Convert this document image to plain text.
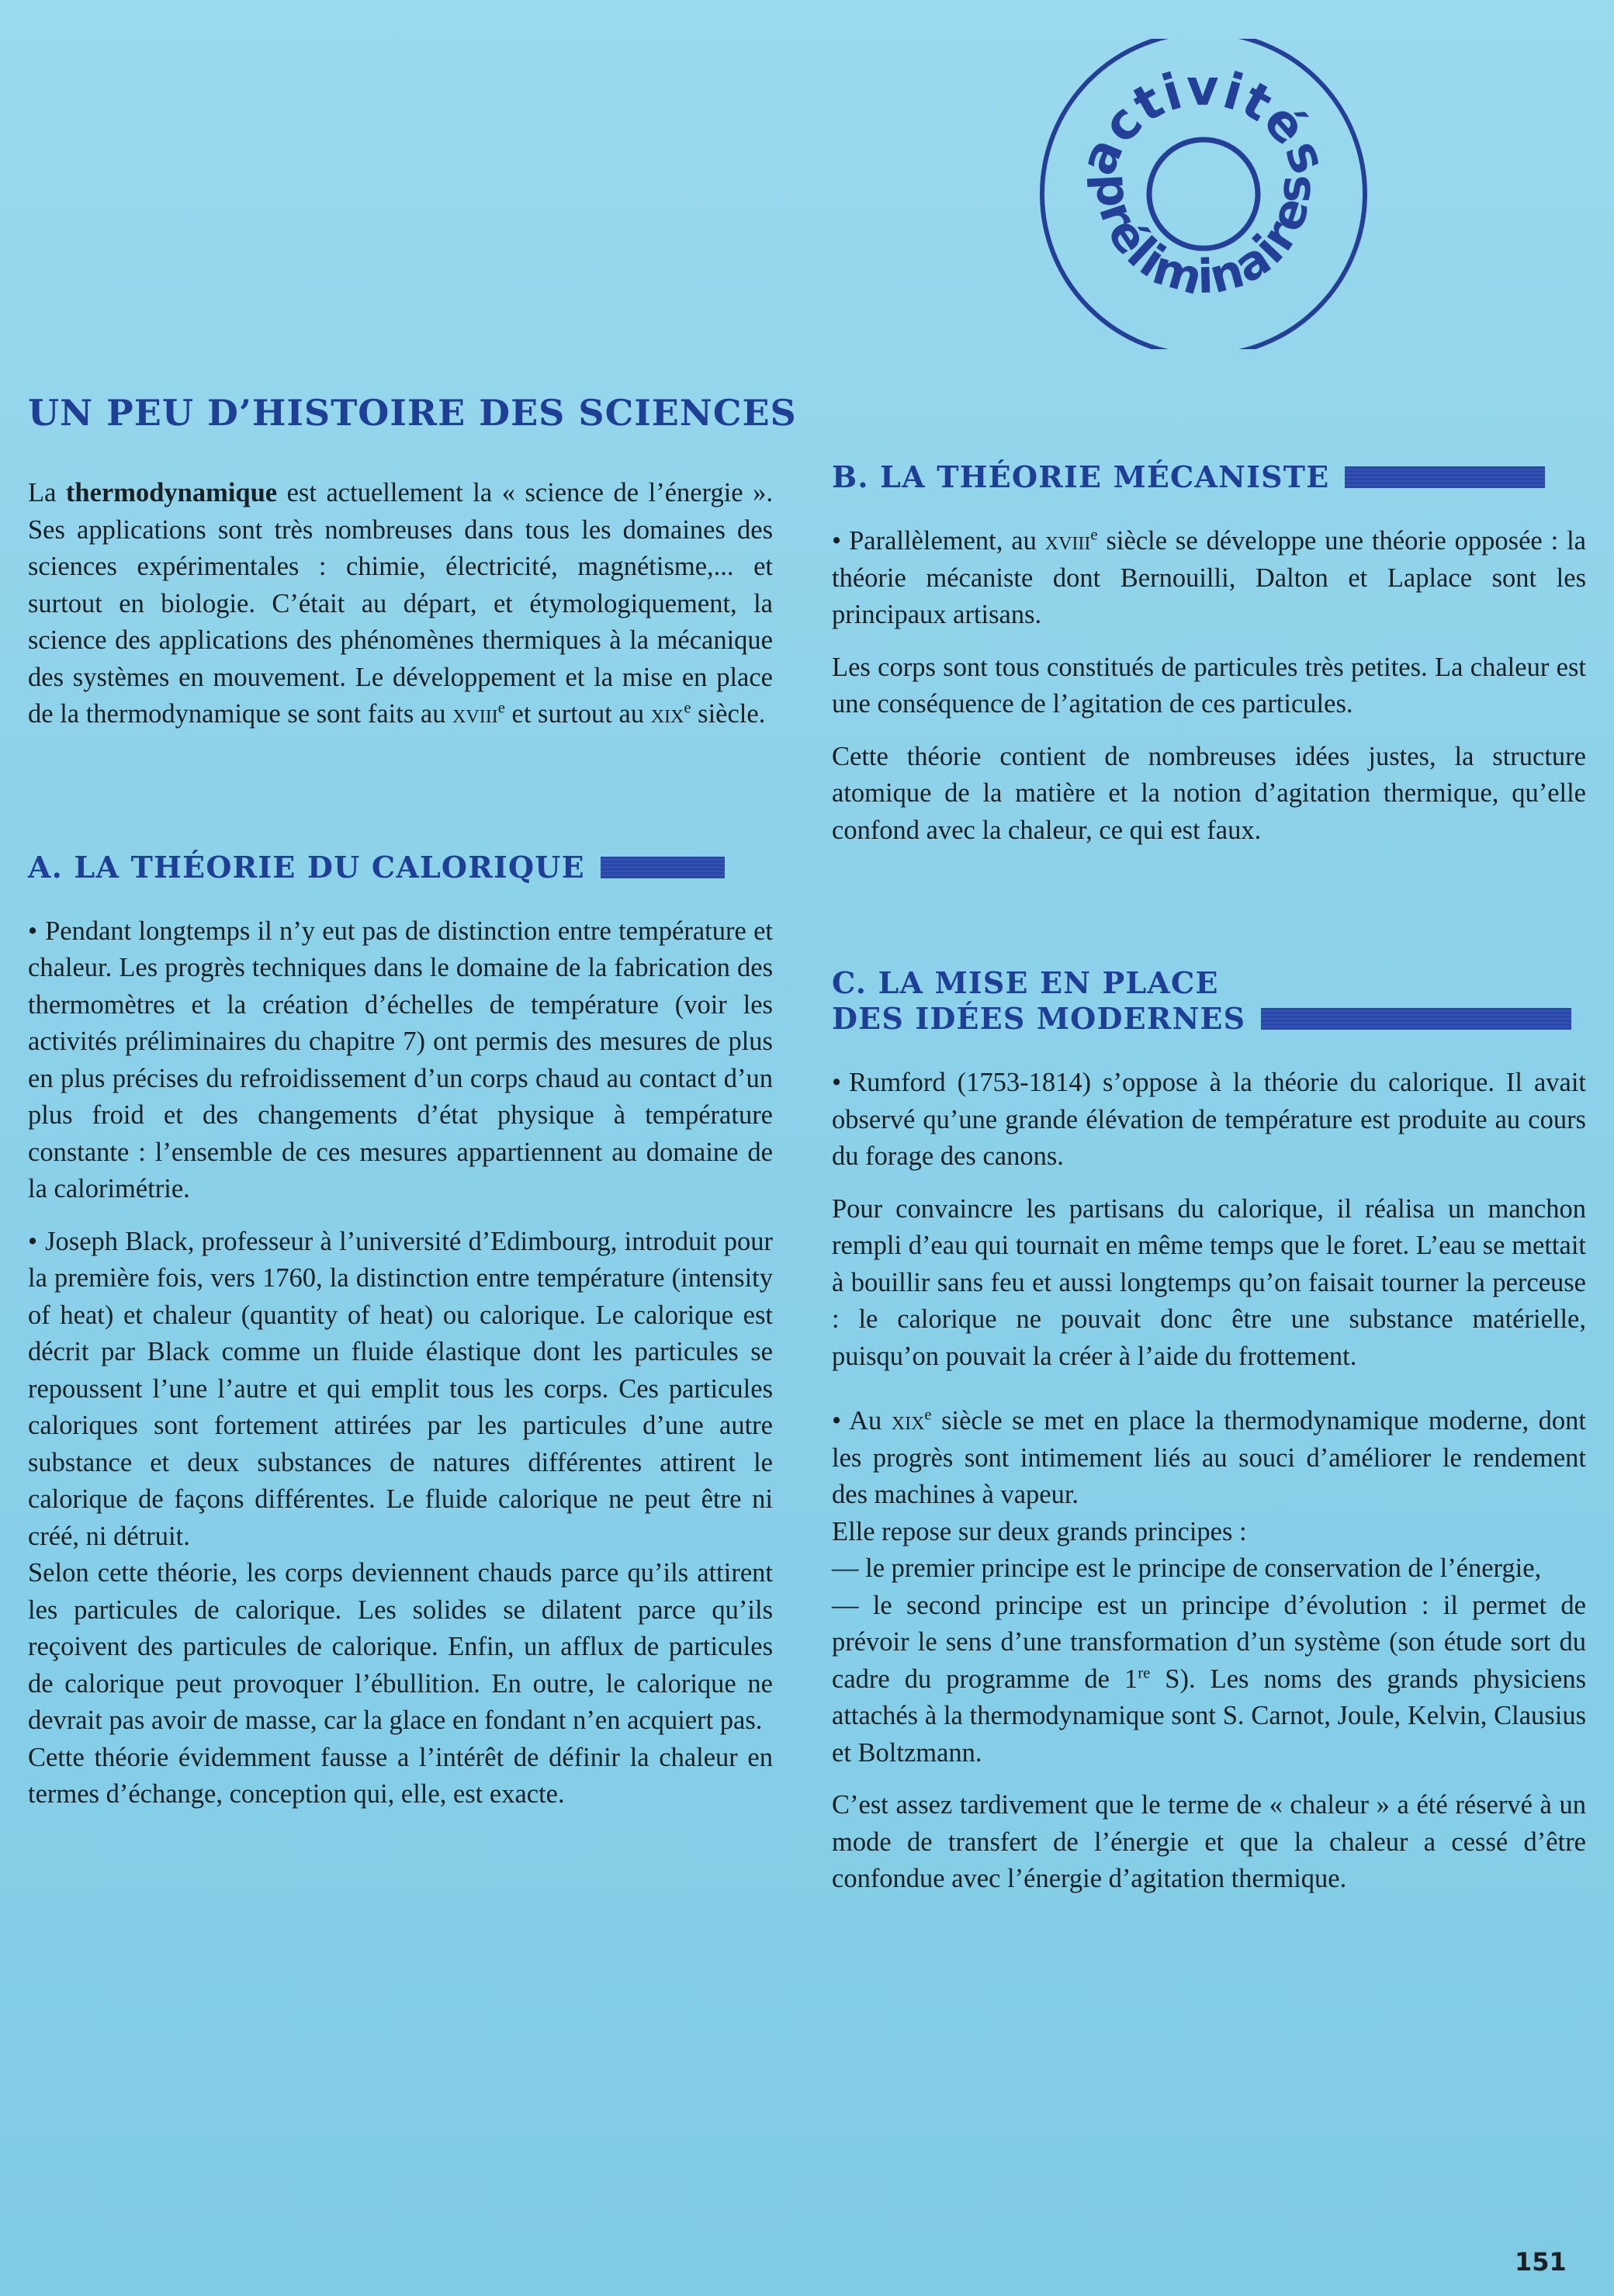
activités
préliminaires
UN PEU D’HISTOIRE DES SCIENCES

La thermodynamique est actuellement la « science de l’énergie ». Ses applications sont très nombreuses dans tous les domaines des sciences expérimentales : chimie, électricité, magnétisme,... et surtout en biologie. C’était au départ, et étymologiquement, la science des applications des phénomènes thermiques à la mécanique des systèmes en mouvement. Le développement et la mise en place de la thermodynamique se sont faits au xviii$^e$ et surtout au xix$^e$ siècle.

A. LA THÉORIE DU CALORIQUE

• Pendant longtemps il n’y eut pas de distinction entre température et chaleur. Les progrès techniques dans le domaine de la fabrication des thermomètres et la création d’échelles de température (voir les activités préliminaires du chapitre 7) ont permis des mesures de plus en plus précises du refroidissement d’un corps chaud au contact d’un plus froid et des changements d’état physique à température constante : l’ensemble de ces mesures appartiennent au domaine de la calorimétrie.

• Joseph Black, professeur à l’université d’Edimbourg, introduit pour la première fois, vers 1760, la distinction entre température (intensity of heat) et chaleur (quantity of heat) ou calorique. Le calorique est décrit par Black comme un fluide élastique dont les particules se repoussent l’une l’autre et qui emplit tous les corps. Ces particules caloriques sont fortement attirées par les particules d’une autre substance et deux substances de natures différentes attirent le calorique de façons différentes. Le fluide calorique ne peut être ni créé, ni détruit.

Selon cette théorie, les corps deviennent chauds parce qu’ils attirent les particules de calorique. Les solides se dilatent parce qu’ils reçoivent des particules de calorique. Enfin, un afflux de particules de calorique peut provoquer l’ébullition. En outre, le calorique ne devrait pas avoir de masse, car la glace en fondant n’en acquiert pas.

Cette théorie évidemment fausse a l’intérêt de définir la chaleur en termes d’échange, conception qui, elle, est exacte.

B. LA THÉORIE MÉCANISTE

• Parallèlement, au xviii$^e$ siècle se développe une théorie opposée : la théorie mécaniste dont Bernouilli, Dalton et Laplace sont les principaux artisans.

Les corps sont tous constitués de particules très petites. La chaleur est une conséquence de l’agitation de ces particules.

Cette théorie contient de nombreuses idées justes, la structure atomique de la matière et la notion d’agitation thermique, qu’elle confond avec la chaleur, ce qui est faux.

C. LA MISE EN PLACE
DES IDÉES MODERNES

• Rumford (1753-1814) s’oppose à la théorie du calorique. Il avait observé qu’une grande élévation de température est produite au cours du forage des canons.

Pour convaincre les partisans du calorique, il réalisa un manchon rempli d’eau qui tournait en même temps que le foret. L’eau se mettait à bouillir sans feu et aussi longtemps qu’on faisait tourner la perceuse : le calorique ne pouvait donc être une substance matérielle, puisqu’on pouvait la créer à l’aide du frottement.

• Au xix$^e$ siècle se met en place la thermodynamique moderne, dont les progrès sont intimement liés au souci d’améliorer le rendement des machines à vapeur.

Elle repose sur deux grands principes :

— le premier principe est le principe de conservation de l’énergie,

— le second principe est un principe d’évolution : il permet de prévoir le sens d’une transformation d’un système (son étude sort du cadre du programme de 1re S). Les noms des grands physiciens attachés à la thermodynamique sont S. Carnot, Joule, Kelvin, Clausius et Boltzmann.

C’est assez tardivement que le terme de « chaleur » a été réservé à un mode de transfert de l’énergie et que la chaleur a cessé d’être confondue avec l’énergie d’agitation thermique.

151
